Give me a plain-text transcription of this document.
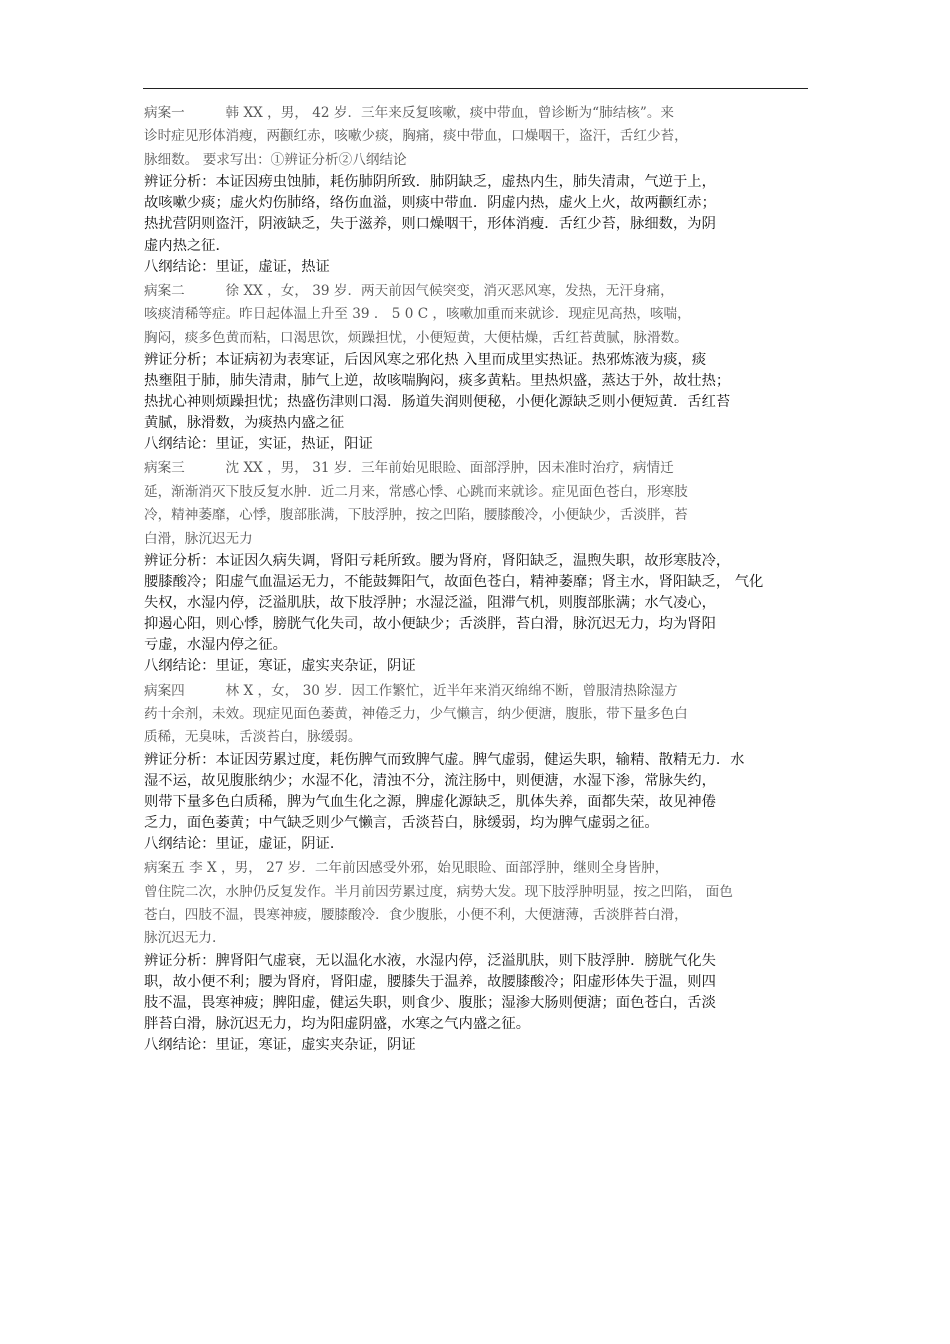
病案一　　　韩 XX ，男， 42 岁．三年来反复咳嗽，痰中带血，曾诊断为“肺结核”。来

诊时症见形体消瘦，两颧红赤，咳嗽少痰，胸痛，痰中带血，口燥咽干，盗汗，舌红少苔，

脉细数。 要求写出：①辨证分析②八纲结论

辨证分析：本证因痨虫蚀肺，耗伤肺阴所致．肺阴缺乏，虚热内生，肺失清肃，气逆于上，

故咳嗽少痰；虚火灼伤肺络，络伤血溢，则痰中带血．阴虚内热，虚火上火，故两颧红赤；

热扰营阴则盗汗，阴液缺乏，失于滋养，则口燥咽干，形体消瘦．舌红少苔，脉细数，为阴

虚内热之征．

八纲结论：里证，虚证，热证

病案二　　　徐 XX ，女， 39 岁．两天前因气候突变，消灭恶风寒，发热，无汗身痛，

咳痰清稀等症。昨日起体温上升至 39 ． 5 0 C ，咳嗽加重而来就诊．现症见高热，咳喘，

胸闷，痰多色黄而粘，口渴思饮，烦躁担忧，小便短黄，大便枯燥，舌红苔黄腻，脉滑数。

辨证分析；本证病初为表寒证，后因风寒之邪化热 入里而成里实热证。热邪炼液为痰，痰

热壅阻于肺，肺失清肃，肺气上逆，故咳喘胸闷，痰多黄粘。里热炽盛，蒸达于外，故壮热；

热扰心神则烦躁担忧；热盛伤津则口渴．肠道失润则便秘，小便化源缺乏则小便短黄．舌红苔

黄腻，脉滑数，为痰热内盛之征

八纲结论：里证，实证，热证，阳证

病案三　　　沈 XX ，男， 31 岁．三年前始见眼睑、面部浮肿，因未准时治疗，病情迁

延，渐渐消灭下肢反复水肿．近二月来，常感心悸、心跳而来就诊。症见面色苍白，形寒肢

冷，精神萎靡，心悸，腹部胀满，下肢浮肿，按之凹陷，腰膝酸冷，小便缺少，舌淡胖，苔

白滑，脉沉迟无力

辨证分析：本证因久病失调，肾阳亏耗所致。腰为肾府，肾阳缺乏，温煦失职，故形寒肢冷，

腰膝酸冷；阳虚气血温运无力，不能鼓舞阳气，故面色苍白，精神萎靡；肾主水，肾阳缺乏， 气化

失权，水湿内停，泛溢肌肤，故下肢浮肿；水湿泛溢，阻滞气机，则腹部胀满；水气凌心，

抑遏心阳，则心悸，膀胱气化失司，故小便缺少；舌淡胖，苔白滑，脉沉迟无力，均为肾阳

亏虚，水湿内停之征。

八纲结论：里证，寒证，虚实夹杂证，阴证

病案四　　　林 X ，女， 30 岁．因工作繁忙，近半年来消灭绵绵不断，曾服清热除湿方

药十余剂，未效。现症见面色萎黄，神倦乏力，少气懒言，纳少便溏，腹胀，带下量多色白

质稀，无臭味，舌淡苔白，脉缓弱。

辨证分析：本证因劳累过度，耗伤脾气而致脾气虚。脾气虚弱，健运失职，输精、散精无力．水

湿不运，故见腹胀纳少；水湿不化，清浊不分，流注肠中，则便溏，水湿下渗，常脉失约，

则带下量多色白质稀，脾为气血生化之源，脾虚化源缺乏，肌体失养，面都失荣，故见神倦

乏力，面色萎黄；中气缺乏则少气懒言，舌淡苔白，脉缓弱，均为脾气虚弱之征。

八纲结论：里证，虚证，阴证．

病案五 李 X ，男， 27 岁．二年前因感受外邪，始见眼睑、面部浮肿，继则全身皆肿，

曾住院二次，水肿仍反复发作。半月前因劳累过度，病势大发。现下肢浮肿明显，按之凹陷， 面色

苍白，四肢不温，畏寒神疲，腰膝酸冷．食少腹胀，小便不利，大便溏薄，舌淡胖苔白滑，

脉沉迟无力.

辨证分析：脾肾阳气虚衰，无以温化水液，水湿内停，泛溢肌肤，则下肢浮肿．膀胱气化失

职，故小便不利；腰为肾府，肾阳虚，腰膝失于温养，故腰膝酸冷；阳虚形体失于温，则四

肢不温，畏寒神疲；脾阳虚，健运失职，则食少、腹胀；湿渗大肠则便溏；面色苍白，舌淡

胖苔白滑，脉沉迟无力，均为阳虚阴盛，水寒之气内盛之征。

八纲结论：里证，寒证，虚实夹杂证，阴证
